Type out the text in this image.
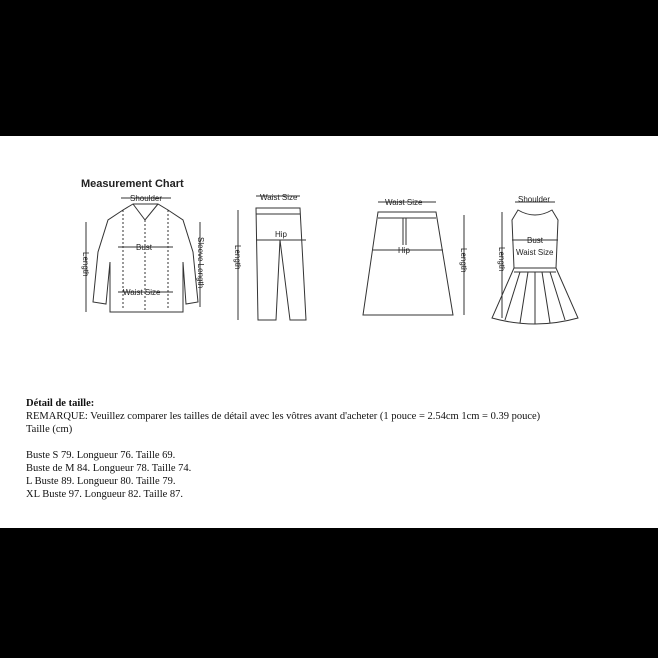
Measurement Chart
Shoulder
Bust
Waist Size
Length	Sleeve Length
Waist Size
Hip
Length
Waist Size
Hip	Length
Shoulder
Bust
Waist Size
Length
Détail de taille:
REMARQUE: Veuillez comparer les tailles de détail avec les vôtres avant d'acheter (1 pouce = 2.54cm 1cm = 0.39 pouce)
Taille (cm)
Buste S 79. Longueur 76. Taille 69.
Buste de M 84. Longueur 78. Taille 74.
L Buste 89. Longueur 80. Taille 79.
XL Buste 97. Longueur 82. Taille 87.
